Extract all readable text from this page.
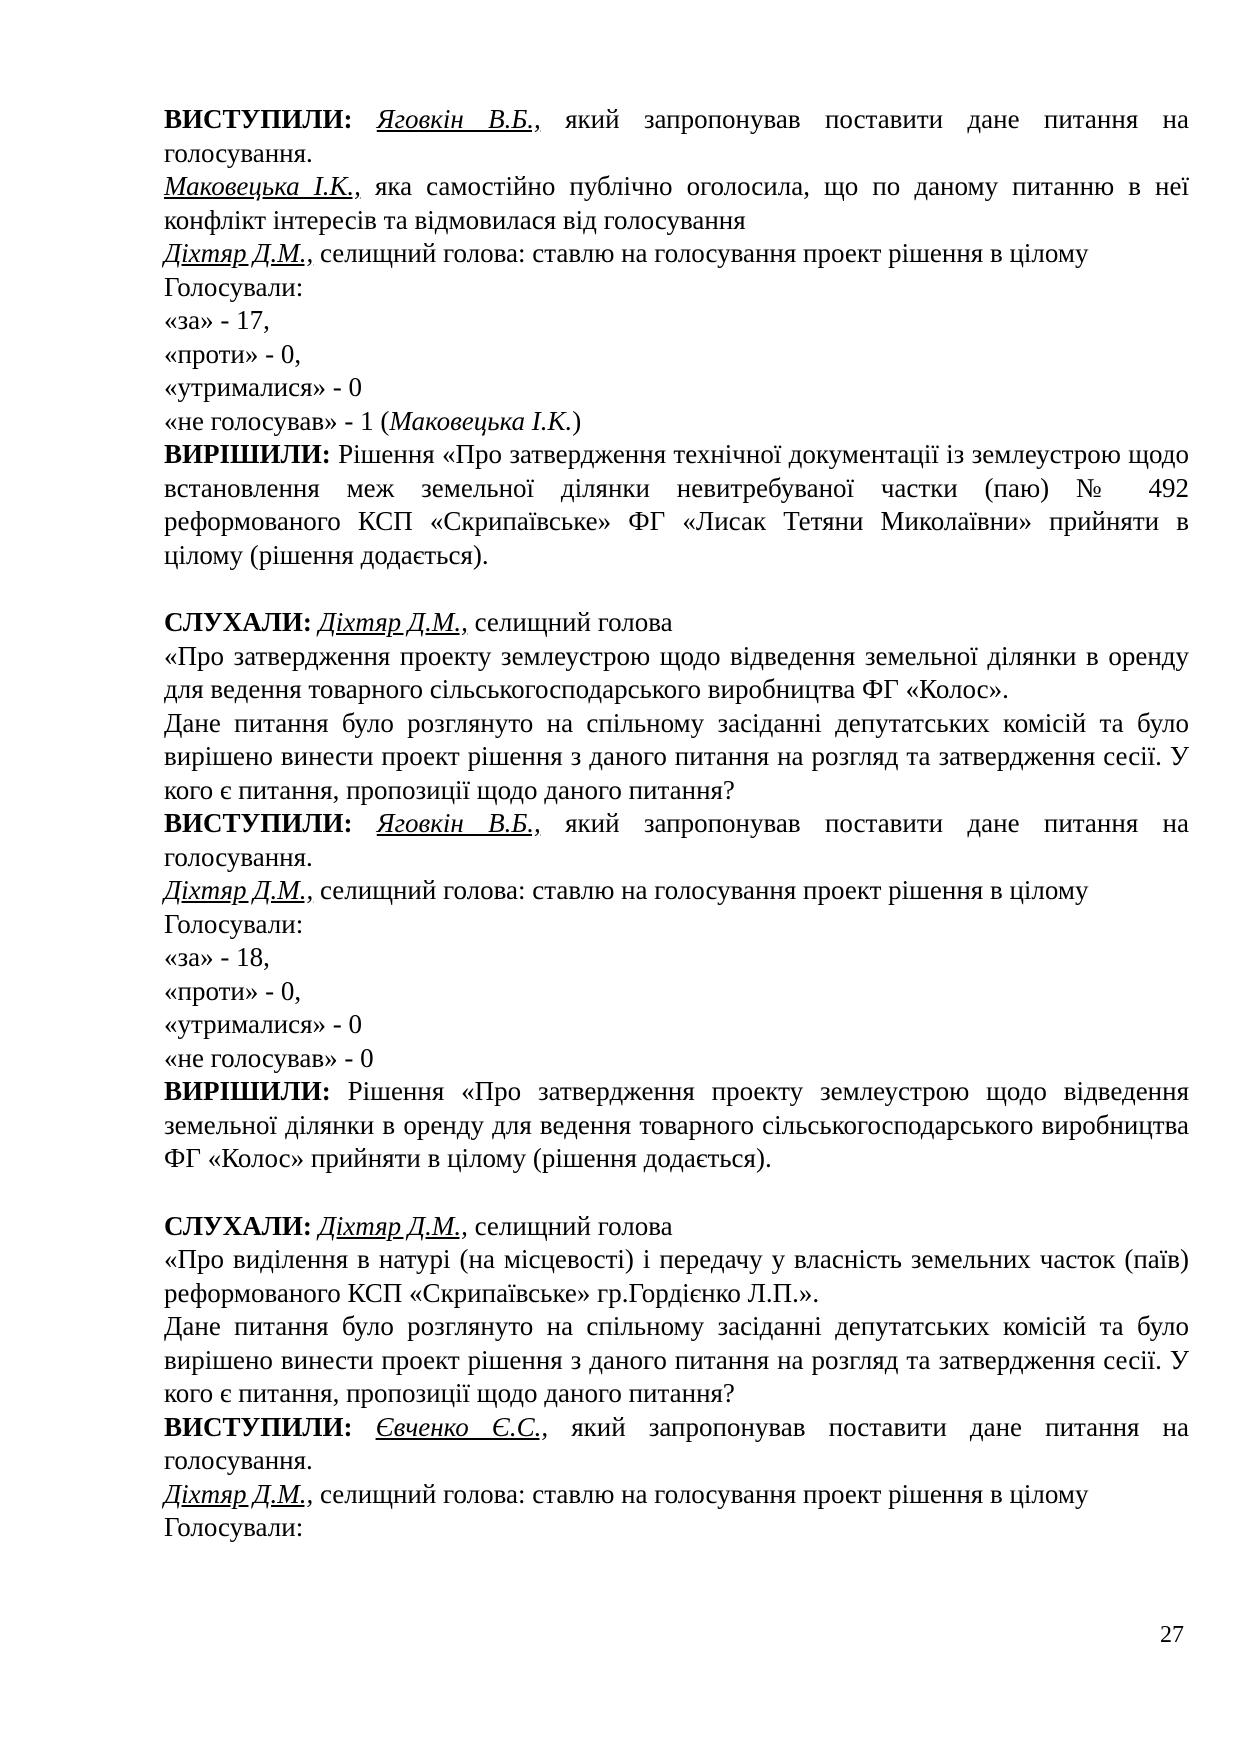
ВИСТУПИЛИ: Яговкін В.Б., який запропонував поставити дане питання на голосування.

Маковецька І.К., яка самостійно публічно оголосила, що по даному питанню в неї конфлікт інтересів та відмовилася від голосування

Діхтяр Д.М., селищний голова: ставлю на голосування проект рішення в цілому

Голосували:

«за» - 17,

«проти» - 0,

«утрималися» - 0

«не голосував» - 1 (Маковецька І.К.)

ВИРІШИЛИ: Рішення «Про затвердження технічної документації із землеустрою щодо встановлення меж земельної ділянки невитребуваної частки (паю) № 492 реформованого КСП «Скрипаївське» ФГ «Лисак Тетяни Миколаївни» прийняти в цілому (рішення додається).

СЛУХАЛИ: Діхтяр Д.М., селищний голова

«Про затвердження проекту землеустрою щодо відведення земельної ділянки в оренду для ведення товарного сільськогосподарського виробництва ФГ «Колос».

Дане питання було розглянуто на спільному засіданні депутатських комісій та було вирішено винести проект рішення з даного питання на розгляд та затвердження сесії. У кого є питання, пропозиції щодо даного питання?

ВИСТУПИЛИ: Яговкін В.Б., який запропонував поставити дане питання на голосування.

Діхтяр Д.М., селищний голова: ставлю на голосування проект рішення в цілому

Голосували:

«за» - 18,

«проти» - 0,

«утрималися» - 0

«не голосував» - 0

ВИРІШИЛИ: Рішення «Про затвердження проекту землеустрою щодо відведення земельної ділянки в оренду для ведення товарного сільськогосподарського виробництва ФГ «Колос» прийняти в цілому (рішення додається).

СЛУХАЛИ: Діхтяр Д.М., селищний голова

«Про виділення в натурі (на місцевості) і передачу у власність земельних часток (паїв) реформованого КСП «Скрипаївське» гр.Гордієнко Л.П.».

Дане питання було розглянуто на спільному засіданні депутатських комісій та було вирішено винести проект рішення з даного питання на розгляд та затвердження сесії. У кого є питання, пропозиції щодо даного питання?

ВИСТУПИЛИ: Євченко Є.С., який запропонував поставити дане питання на голосування.

Діхтяр Д.М., селищний голова: ставлю на голосування проект рішення в цілому

Голосували:

27
